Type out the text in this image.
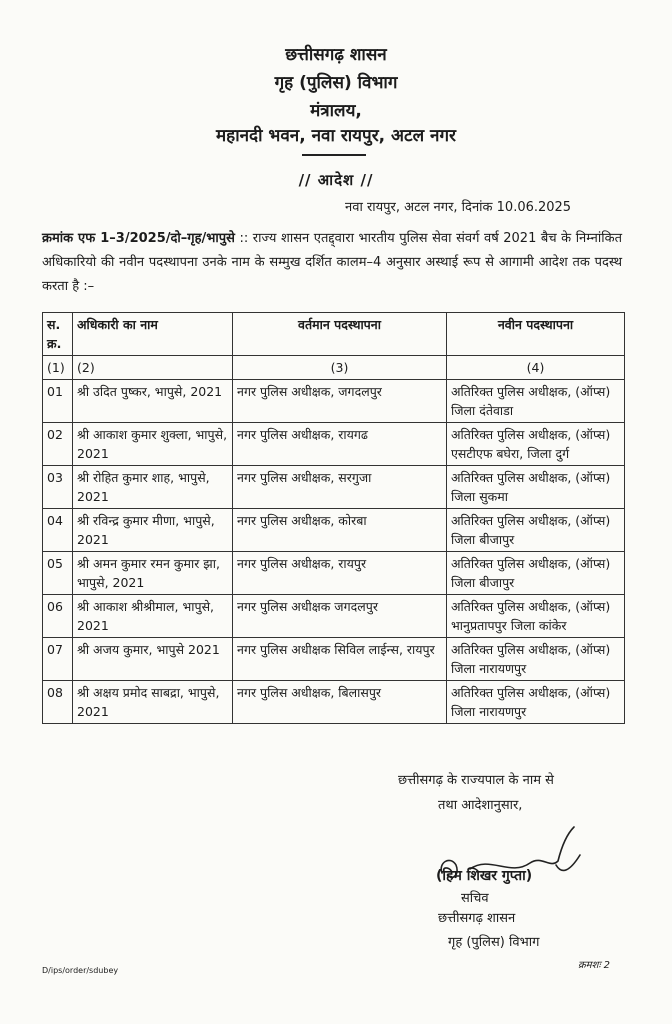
छत्तीसगढ़ शासन
गृह (पुलिस) विभाग
मंत्रालय,
महानदी भवन, नवा रायपुर, अटल नगर
// आदेश //
नवा रायपुर, अटल नगर, दिनांक 10.06.2025
क्रमांक एफ 1–3/2025/दो–गृह/भापुसे :: राज्य शासन एतद्द्वारा भारतीय पुलिस सेवा संवर्ग वर्ष 2021 बैच के निम्नांकित अधिकारियो की नवीन पदस्थापना उनके नाम के सम्मुख दर्शित कालम–4 अनुसार अस्थाई रूप से आगामी आदेश तक पदस्थ करता है :–
स. क्र.	अधिकारी का नाम	वर्तमान पदस्थापना	नवीन पदस्थापना
(1)	(2)	(3)	(4)
01	श्री उदित पुष्कर, भापुसे, 2021	नगर पुलिस अधीक्षक, जगदलपुर	अतिरिक्त पुलिस अधीक्षक, (ऑप्स) जिला दंतेवाडा
02	श्री आकाश कुमार शुक्ला, भापुसे, 2021	नगर पुलिस अधीक्षक, रायगढ	अतिरिक्त पुलिस अधीक्षक, (ऑप्स) एसटीएफ बघेरा, जिला दुर्ग
03	श्री रोहित कुमार शाह, भापुसे, 2021	नगर पुलिस अधीक्षक, सरगुजा	अतिरिक्त पुलिस अधीक्षक, (ऑप्स) जिला सुकमा
04	श्री रविन्द्र कुमार मीणा, भापुसे, 2021	नगर पुलिस अधीक्षक, कोरबा	अतिरिक्त पुलिस अधीक्षक, (ऑप्स) जिला बीजापुर
05	श्री अमन कुमार रमन कुमार झा, भापुसे, 2021	नगर पुलिस अधीक्षक, रायपुर	अतिरिक्त पुलिस अधीक्षक, (ऑप्स) जिला बीजापुर
06	श्री आकाश श्रीश्रीमाल, भापुसे, 2021	नगर पुलिस अधीक्षक जगदलपुर	अतिरिक्त पुलिस अधीक्षक, (ऑप्स) भानुप्रतापपुर जिला कांकेर
07	श्री अजय कुमार, भापुसे 2021	नगर पुलिस अधीक्षक सिविल लाईन्स, रायपुर	अतिरिक्त पुलिस अधीक्षक, (ऑप्स) जिला नारायणपुर
08	श्री अक्षय प्रमोद साबद्रा, भापुसे, 2021	नगर पुलिस अधीक्षक, बिलासपुर	अतिरिक्त पुलिस अधीक्षक, (ऑप्स) जिला नारायणपुर
छत्तीसगढ़ के राज्यपाल के नाम से
तथा आदेशानुसार,
(हिम शिखर गुप्ता)
सचिव
छत्तीसगढ़ शासन
गृह (पुलिस) विभाग
D/ips/order/sdubey	क्रमशः 2
